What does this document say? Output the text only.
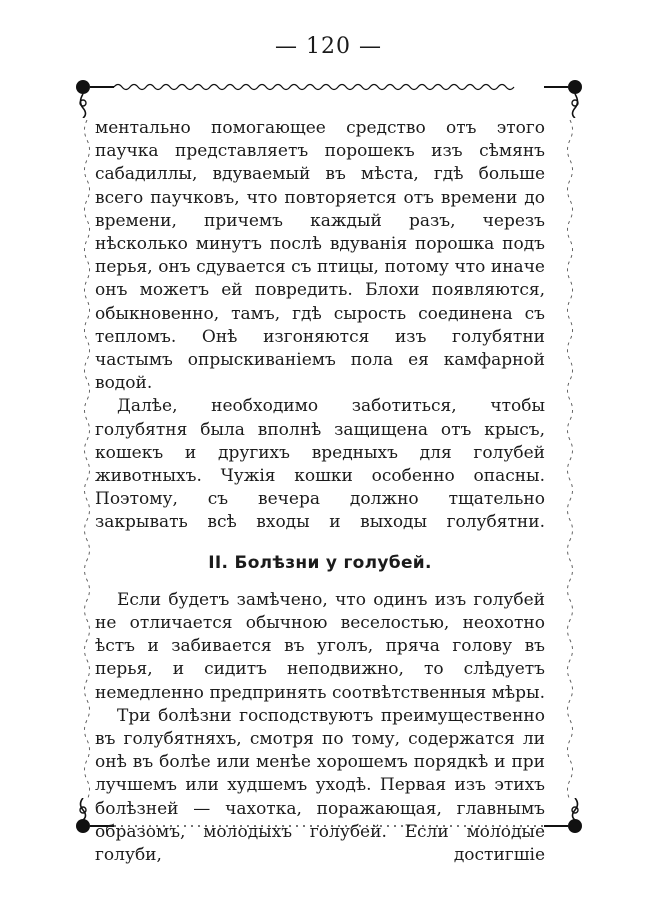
— 120 —

ментально помогающее средство отъ этого паучка представляетъ порошекъ изъ сѣмянъ сабадиллы, вдуваемый въ мѣста, гдѣ больше всего паучковъ, что повторяется отъ времени до времени, причемъ каждый разъ, черезъ нѣсколько минутъ послѣ вдуванія порошка подъ перья, онъ сдувается съ птицы, потому что иначе онъ можетъ ей повредить. Блохи появляются, обыкновенно, тамъ, гдѣ сырость соединена съ тепломъ. Онѣ изгоняются изъ голубятни частымъ опрыскиваніемъ пола ея камфарной водой.

Далѣе, необходимо заботиться, чтобы голубятня была вполнѣ защищена отъ крысъ, кошекъ и другихъ вредныхъ для голубей животныхъ. Чужія кошки особенно опасны. Поэтому, съ вечера должно тщательно закрывать всѣ входы и выходы голубятни.

II. Болѣзни у голубей.

Если будетъ замѣчено, что одинъ изъ голубей не отличается обычною веселостью, неохотно ѣстъ и забивается въ уголъ, пряча голову въ перья, и сидитъ неподвижно, то слѣдуетъ немедленно предпринять соотвѣтственныя мѣры.

Три болѣзни господствуютъ преимущественно въ голубятняхъ, смотря по тому, содержатся ли онѣ въ болѣе или менѣе хорошемъ порядкѣ и при лучшемъ или худшемъ уходѣ. Первая изъ этихъ болѣзней — чахотка, поражающая, главнымъ образомъ, молодыхъ голубей. Если молодые голуби, достигшіе
